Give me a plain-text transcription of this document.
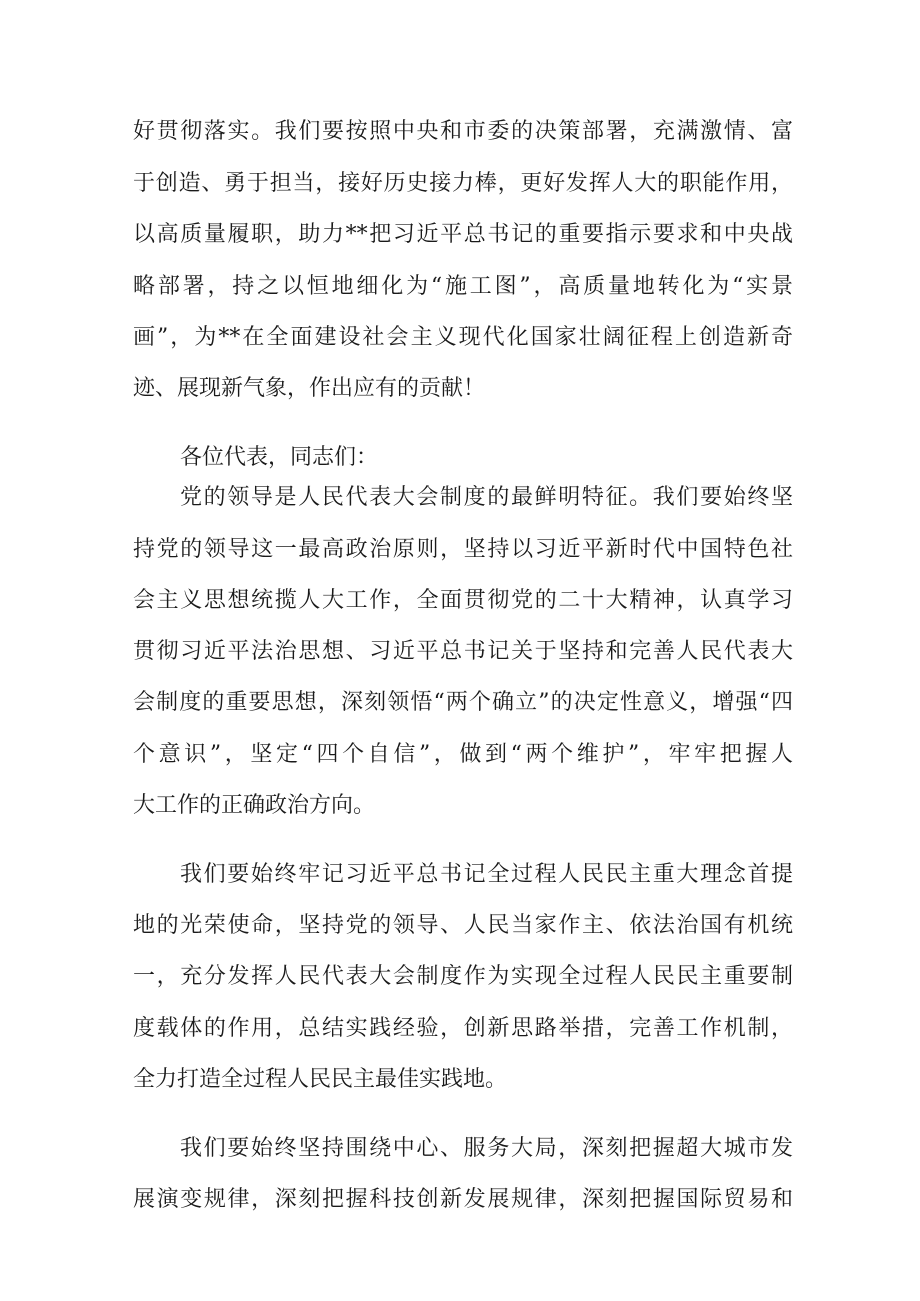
好贯彻落实。我们要按照中央和市委的决策部署，充满激情、富
于创造、勇于担当，接好历史接力棒，更好发挥人大的职能作用，
以高质量履职，助力**把习近平总书记的重要指示要求和中央战
略部署，持之以恒地细化为“施工图”，高质量地转化为“实景
画”，为**在全面建设社会主义现代化国家壮阔征程上创造新奇
迹、展现新气象，作出应有的贡献！
各位代表，同志们：
党的领导是人民代表大会制度的最鲜明特征。我们要始终坚
持党的领导这一最高政治原则，坚持以习近平新时代中国特色社
会主义思想统揽人大工作，全面贯彻党的二十大精神，认真学习
贯彻习近平法治思想、习近平总书记关于坚持和完善人民代表大
会制度的重要思想，深刻领悟“两个确立”的决定性意义，增强“四
个意识”，坚定“四个自信”，做到“两个维护”，牢牢把握人
大工作的正确政治方向。
我们要始终牢记习近平总书记全过程人民民主重大理念首提
地的光荣使命，坚持党的领导、人民当家作主、依法治国有机统
一，充分发挥人民代表大会制度作为实现全过程人民民主重要制
度载体的作用，总结实践经验，创新思路举措，完善工作机制，
全力打造全过程人民民主最佳实践地。
我们要始终坚持围绕中心、服务大局，深刻把握超大城市发
展演变规律，深刻把握科技创新发展规律，深刻把握国际贸易和
